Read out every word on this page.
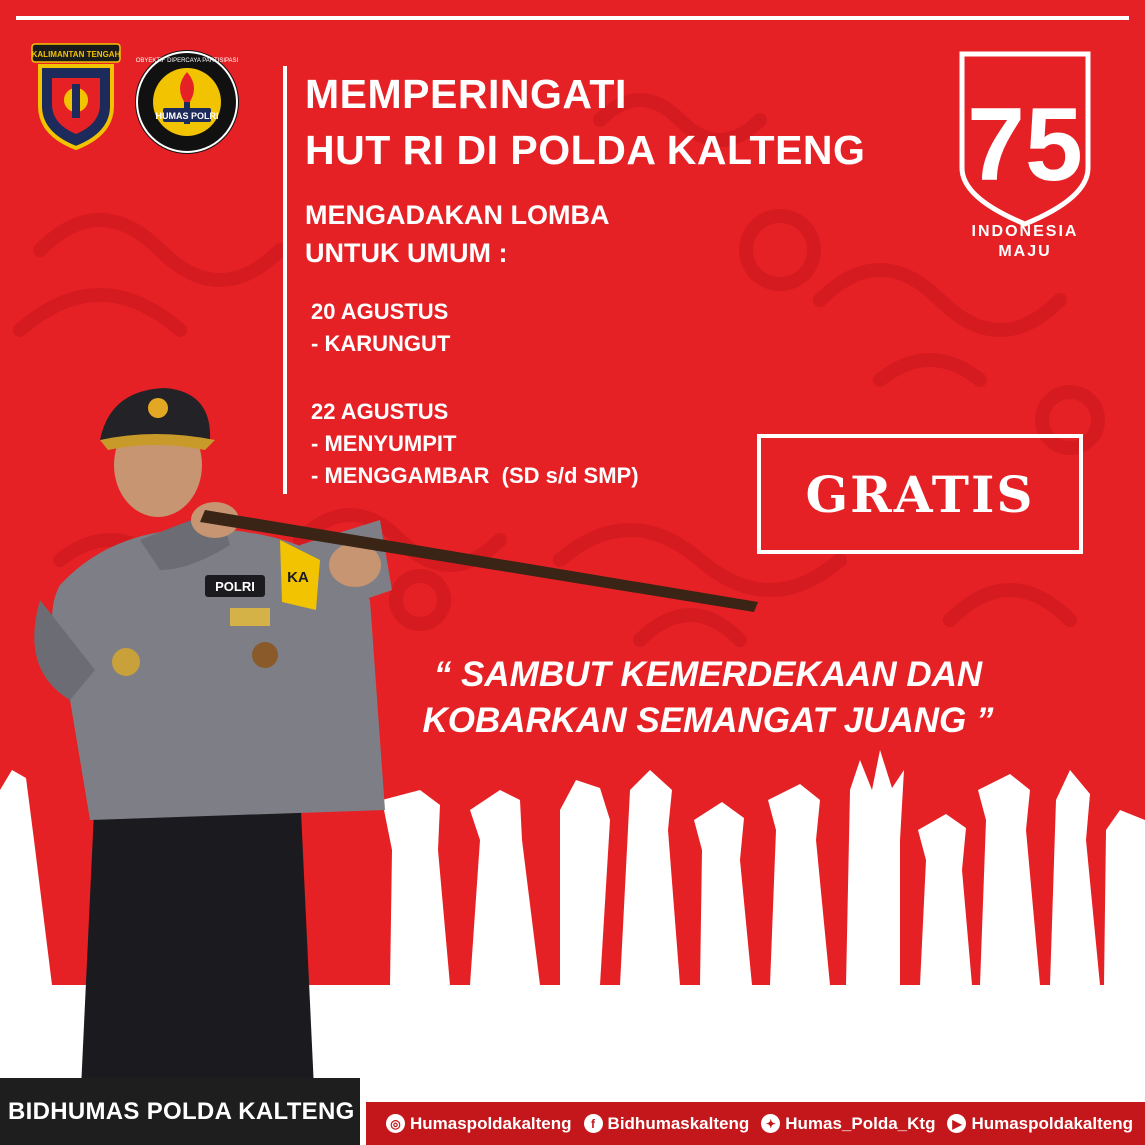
KALIMANTAN TENGAH
HUMAS POLRI
OBYEKTIF DIPERCAYA PARTISIPASI
MEMPERINGATI
HUT RI DI POLDA KALTENG
MENGADAKAN LOMBA
UNTUK UMUM :
20 AGUSTUS
- KARUNGUT
22 AGUSTUS
- MENYUMPIT
- MENGGAMBAR  (SD s/d SMP)
75
INDONESIA
MAJU
GRATIS
“ SAMBUT KEMERDEKAAN DAN
KOBARKAN SEMANGAT JUANG ”
POLRI
KA
◎ Humaspoldakalteng	f Bidhumaskalteng	✦ Humas_Polda_Ktg	▶ Humaspoldakalteng
BIDHUMAS POLDA KALTENG
